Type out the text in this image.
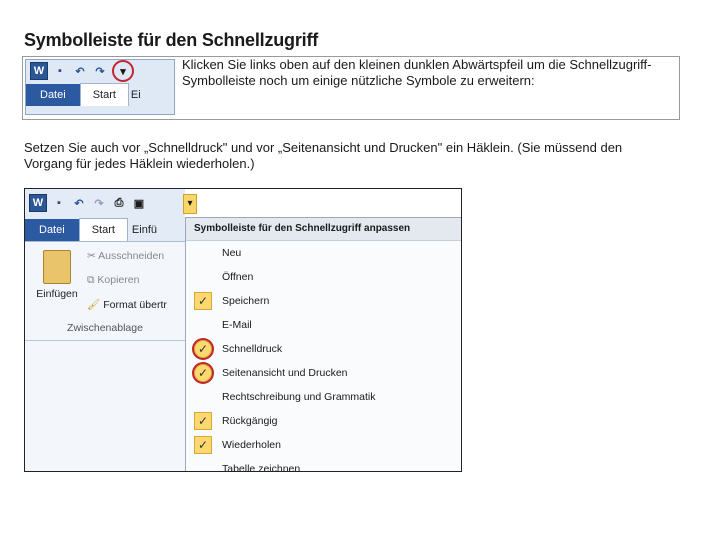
Symbolleiste für den Schnellzugriff
W	▪	↶ ↷	▾
Datei	Start	Ei
Klicken Sie links oben auf den kleinen dunklen Abwärtspfeil um die Schnellzugriff-Symbolleiste noch um einige nützliche Symbole zu erweitern:
Setzen Sie auch vor „Schnelldruck" und vor „Seitenansicht und Drucken" ein Häklein. (Sie müssend den Vorgang für jedes Häklein wiederholen.)
W	▪	↶ ↷ ⎙ ▣
Datei	Start	Einfü
Einfügen
✂ Ausschneiden
⧉ Kopieren
🖌 Format übertr
Zwischenablage
▾
Symbolleiste für den Schnellzugriff anpassen
Neu
Öffnen
✓	Speichern
E-Mail
✓	Schnelldruck
✓	Seitenansicht und Drucken
Rechtschreibung und Grammatik
✓	Rückgängig
✓	Wiederholen
Tabelle zeichnen
